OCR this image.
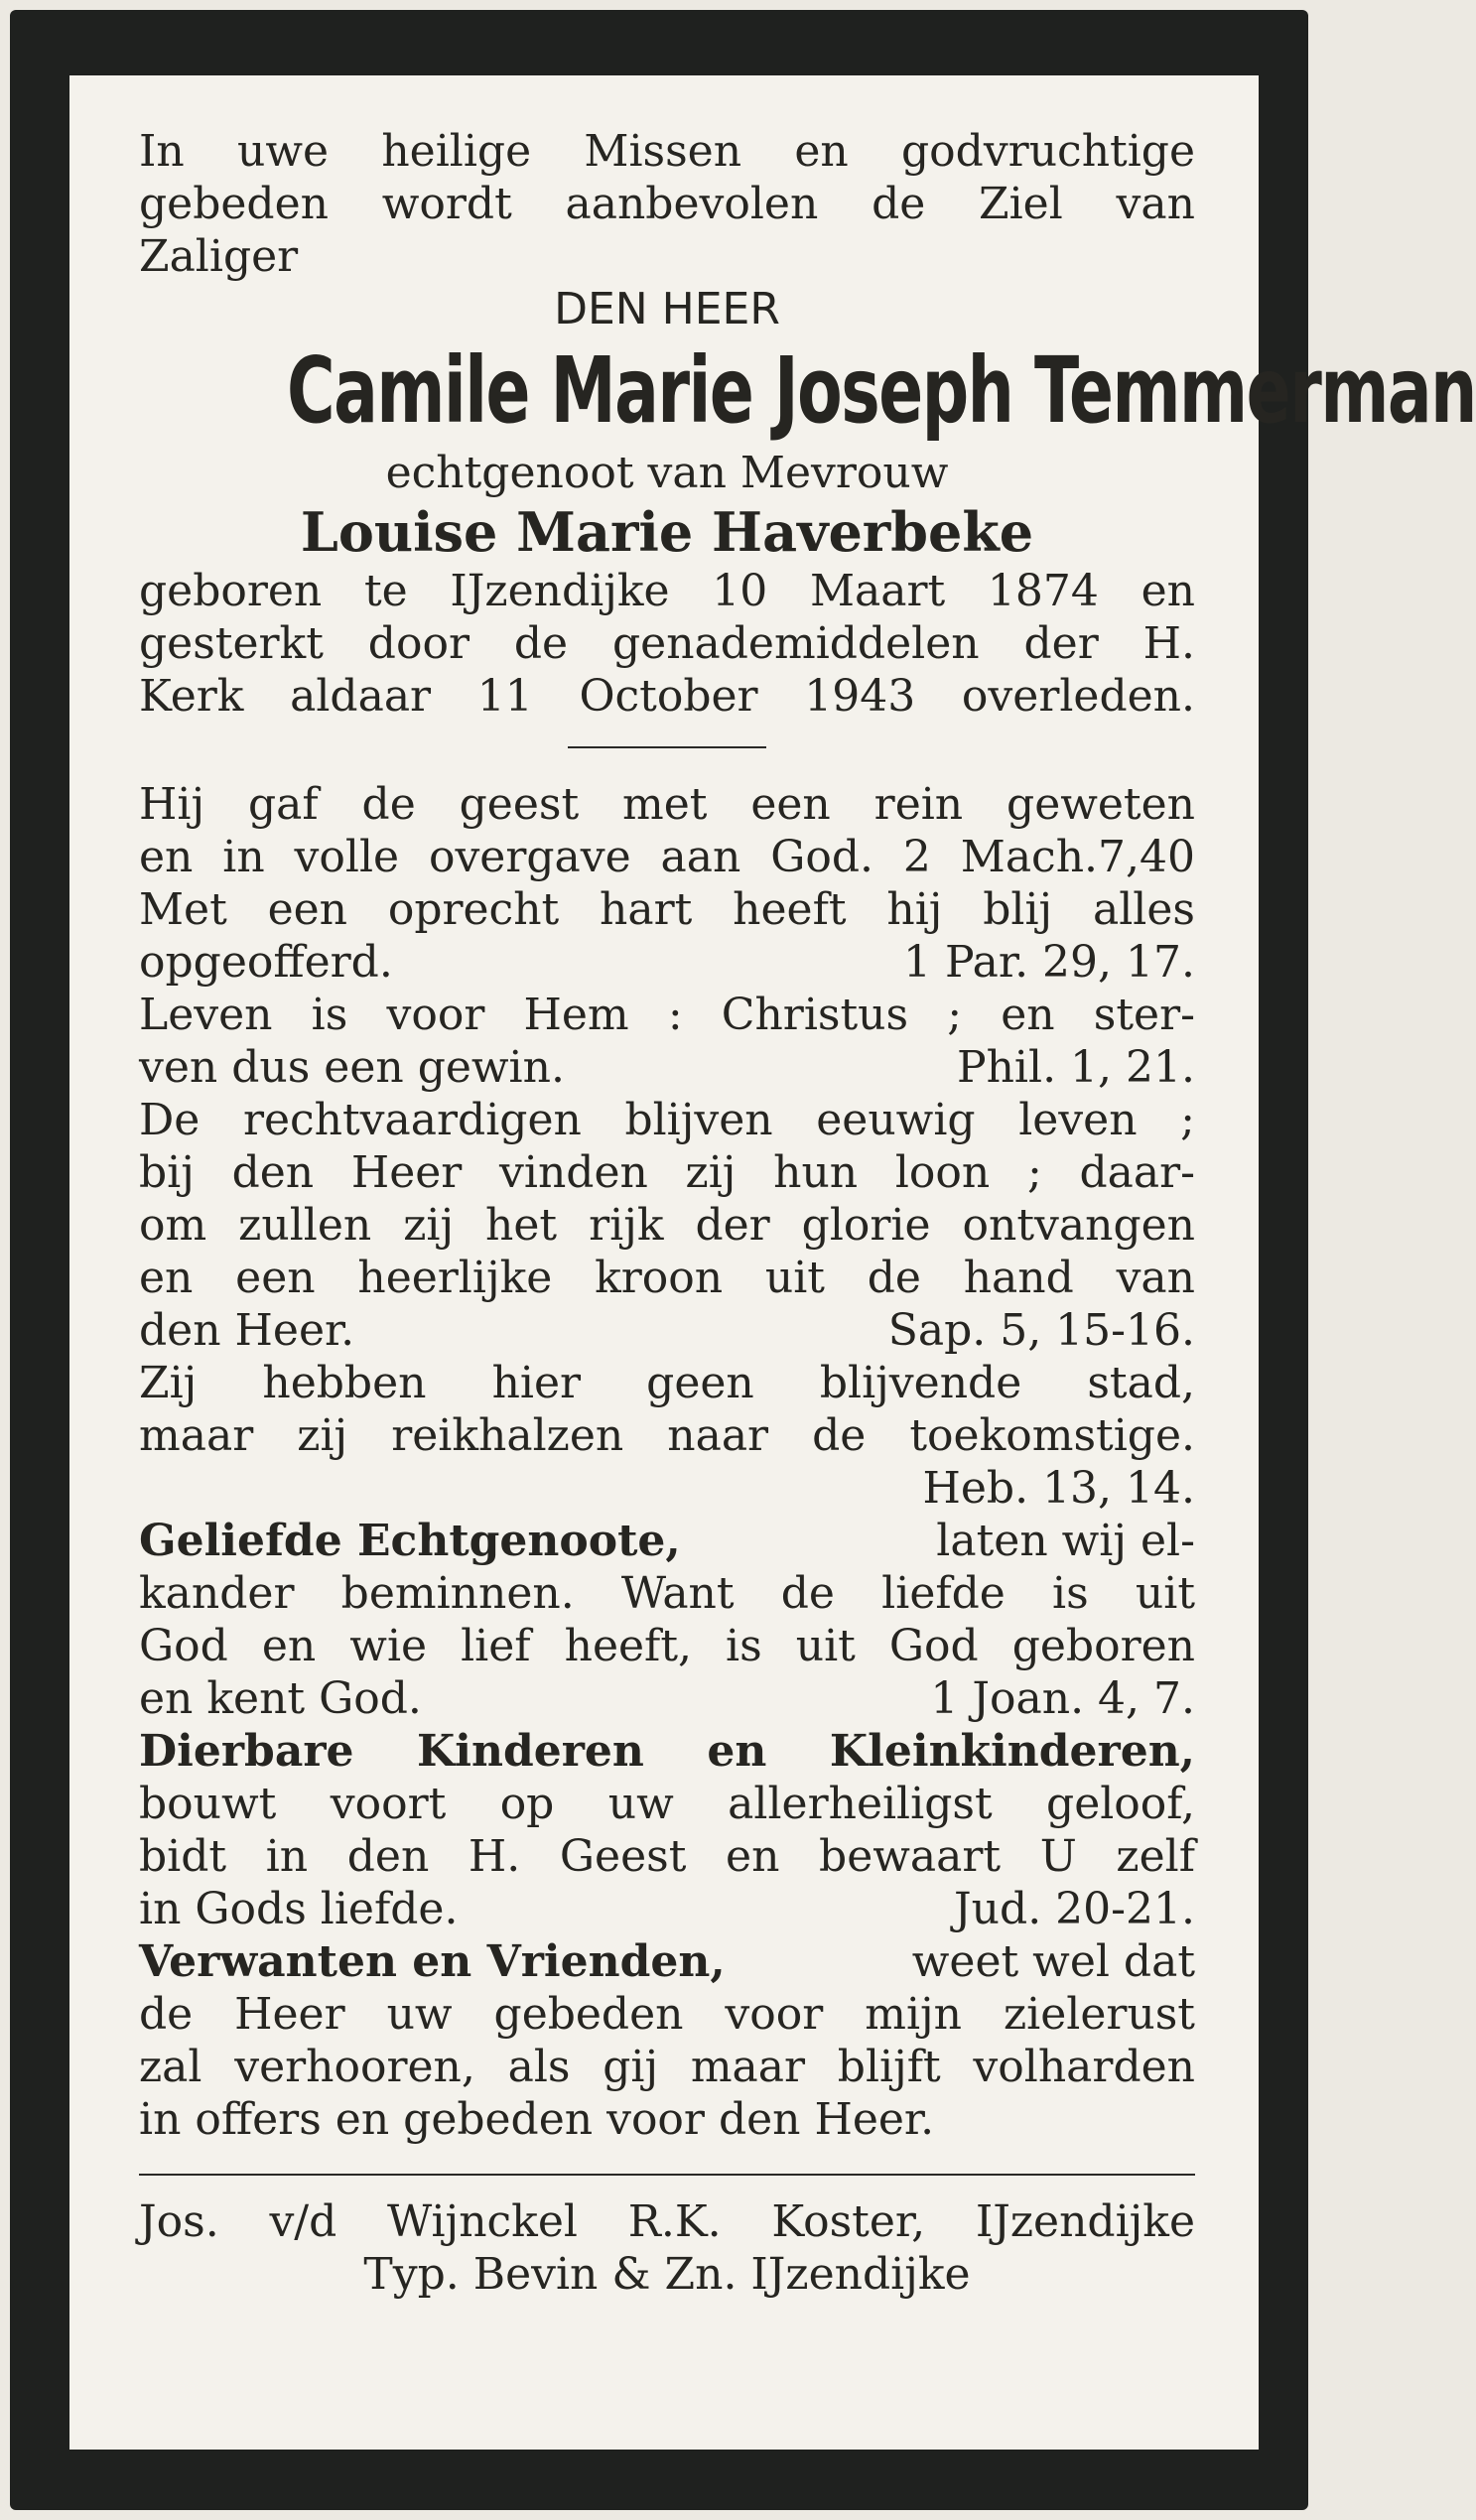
In uwe heilige Missen en godvruchtige

gebeden wordt aanbevolen de Ziel van

Zaliger

DEN HEER

Camile Marie Joseph Temmerman

echtgenoot van Mevrouw

Louise Marie Haverbeke

geboren te IJzendijke 10 Maart 1874 en

gesterkt door de genademiddelen der H.

Kerk aldaar 11 October 1943 overleden.

Hij gaf de geest met een rein geweten

en in volle overgave aan God. 2 Mach.7,40

Met een oprecht hart heeft hij blij alles

opgeofferd.	1 Par. 29, 17.

Leven is voor Hem : Christus ; en ster-

ven dus een gewin.	Phil. 1, 21.

De rechtvaardigen blijven eeuwig leven ;

bij den Heer vinden zij hun loon ; daar-

om zullen zij het rijk der glorie ontvangen

en een heerlijke kroon uit de hand van

den Heer.	Sap. 5, 15-16.

Zij hebben hier geen blijvende stad,

maar zij reikhalzen naar de toekomstige.

Heb. 13, 14.

Geliefde Echtgenoote,	laten wij el-

kander beminnen. Want de liefde is uit

God en wie lief heeft, is uit God geboren

en kent God.	1 Joan. 4, 7.

Dierbare Kinderen en Kleinkinderen,

bouwt voort op uw allerheiligst geloof,

bidt in den H. Geest en bewaart U zelf

in Gods liefde.	Jud. 20-21.
Verwanten en Vrienden,	weet wel dat

de Heer uw gebeden voor mijn zielerust

zal verhooren, als gij maar blijft volharden

in offers en gebeden voor den Heer.

Jos. v/d Wijnckel R.K. Koster, IJzendijke

Typ. Bevin & Zn. IJzendijke
